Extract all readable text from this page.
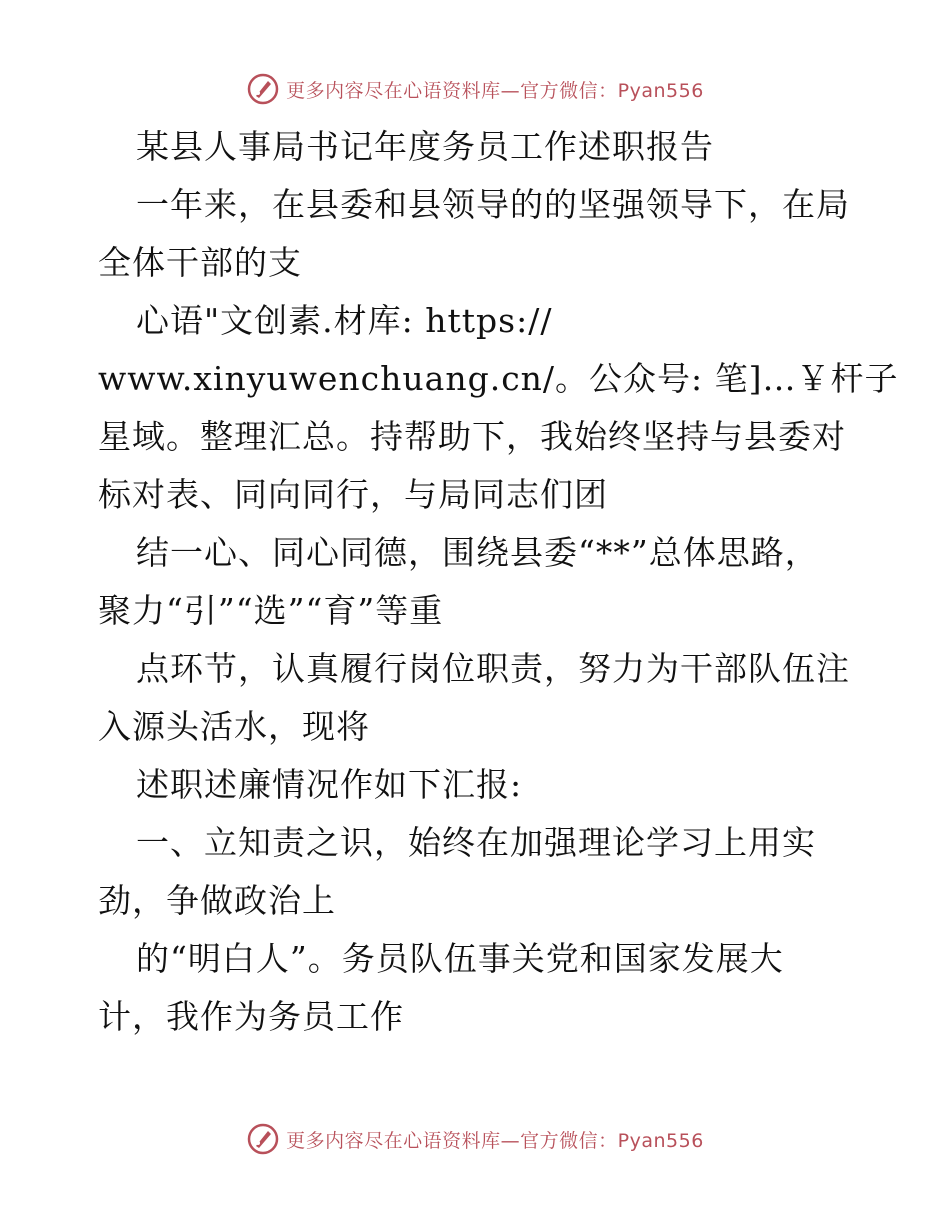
更多内容尽在心语资料库—官方微信：Pyan556
某县人事局书记年度务员工作述职报告
一年来，在县委和县领导的的坚强领导下，在局
全体干部的支
心语"文创素.材库: https://
www.xinyuwenchuang.cn/。公众号: 笔]…￥杆子
星域。整理汇总。持帮助下，我始终坚持与县委对
标对表、同向同行，与局同志们团
结一心、同心同德，围绕县委“**”总体思路，
聚力“引”“选”“育”等重
点环节，认真履行岗位职责，努力为干部队伍注
入源头活水，现将
述职述廉情况作如下汇报:
一、立知责之识，始终在加强理论学习上用实
劲，争做政治上
的“明白人”。务员队伍事关党和国家发展大
计，我作为务员工作
更多内容尽在心语资料库—官方微信：Pyan556
